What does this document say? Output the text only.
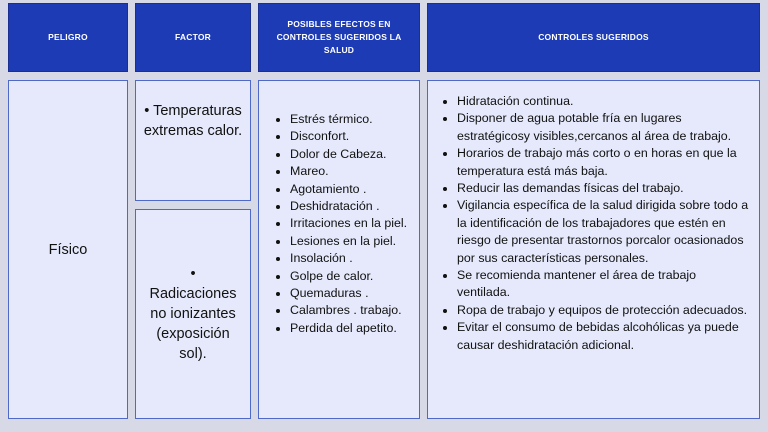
PELIGRO	FACTOR
POSIBLES EFECTOS EN CONTROLES SUGERIDOS LA SALUD
CONTROLES SUGERIDOS
Físico
• Temperaturas extremas calor.
• Radicaciones no ionizantes (exposición sol).
• Estrés térmico.
• Disconfort.
• Dolor de Cabeza.
• Mareo.
• Agotamiento .
• Deshidratación .
• Irritaciones en la piel.
• Lesiones en la piel.
• Insolación .
• Golpe de calor.
• Quemaduras .
• Calambres . trabajo.
• Perdida del apetito.
• Hidratación continua.
• Disponer de agua potable fría en lugares estratégicosy visibles,cercanos al área de trabajo.
• Horarios de trabajo más corto o en horas en que la temperatura está más baja.
• Reducir las demandas físicas del trabajo.
• Vigilancia específica de la salud dirigida sobre todo a la identificación de los trabajadores que estén en riesgo de presentar trastornos porcalor ocasionados por sus características personales.
• Se recomienda mantener el área de trabajo ventilada.
• Ropa de trabajo y equipos de protección adecuados.
• Evitar el consumo de bebidas alcohólicas ya puede causar deshidratación adicional.
